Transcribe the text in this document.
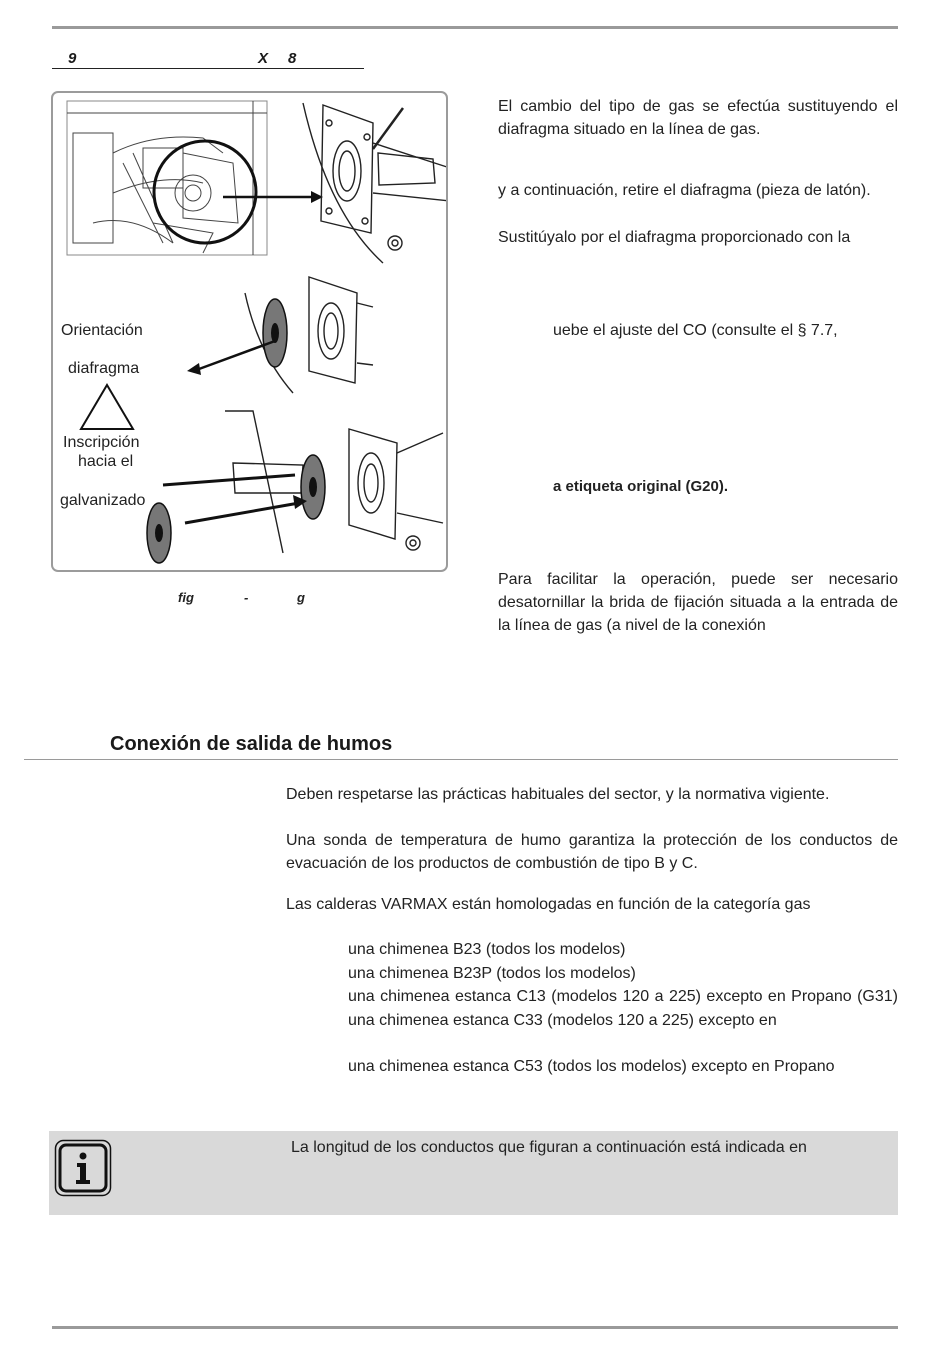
9	X 8
Orientación
diafragma
Inscripción
hacia el
galvanizado
fig	-	g
El cambio del tipo de gas se efectúa sustituyendo el diafragma situado en la línea de gas.
y a continuación, retire el diafragma (pieza de latón).
Sustitúyalo por el diafragma proporcionado con la
uebe el ajuste del CO (consulte el § 7.7,
a etiqueta original (G20).
Para facilitar la operación, puede ser necesario desatornillar la brida de fijación situada a la entrada de la línea de gas (a nivel de la conexión
Conexión de salida de humos
Deben respetarse las prácticas habituales del sector, y la normativa vigiente.
Una sonda de temperatura de humo garantiza la protección de los conductos de evacuación de los productos de combustión de tipo B y C.
Las calderas VARMAX están homologadas en función de la categoría gas
una chimenea B23 (todos los modelos)
una chimenea B23P (todos los modelos)
una chimenea estanca C13 (modelos 120 a 225) excepto en Propano (G31) una chimenea estanca C33 (modelos 120 a 225) excepto en
una chimenea estanca C53 (todos los modelos) excepto en Propano
La longitud de los conductos que figuran a continuación está indicada en
